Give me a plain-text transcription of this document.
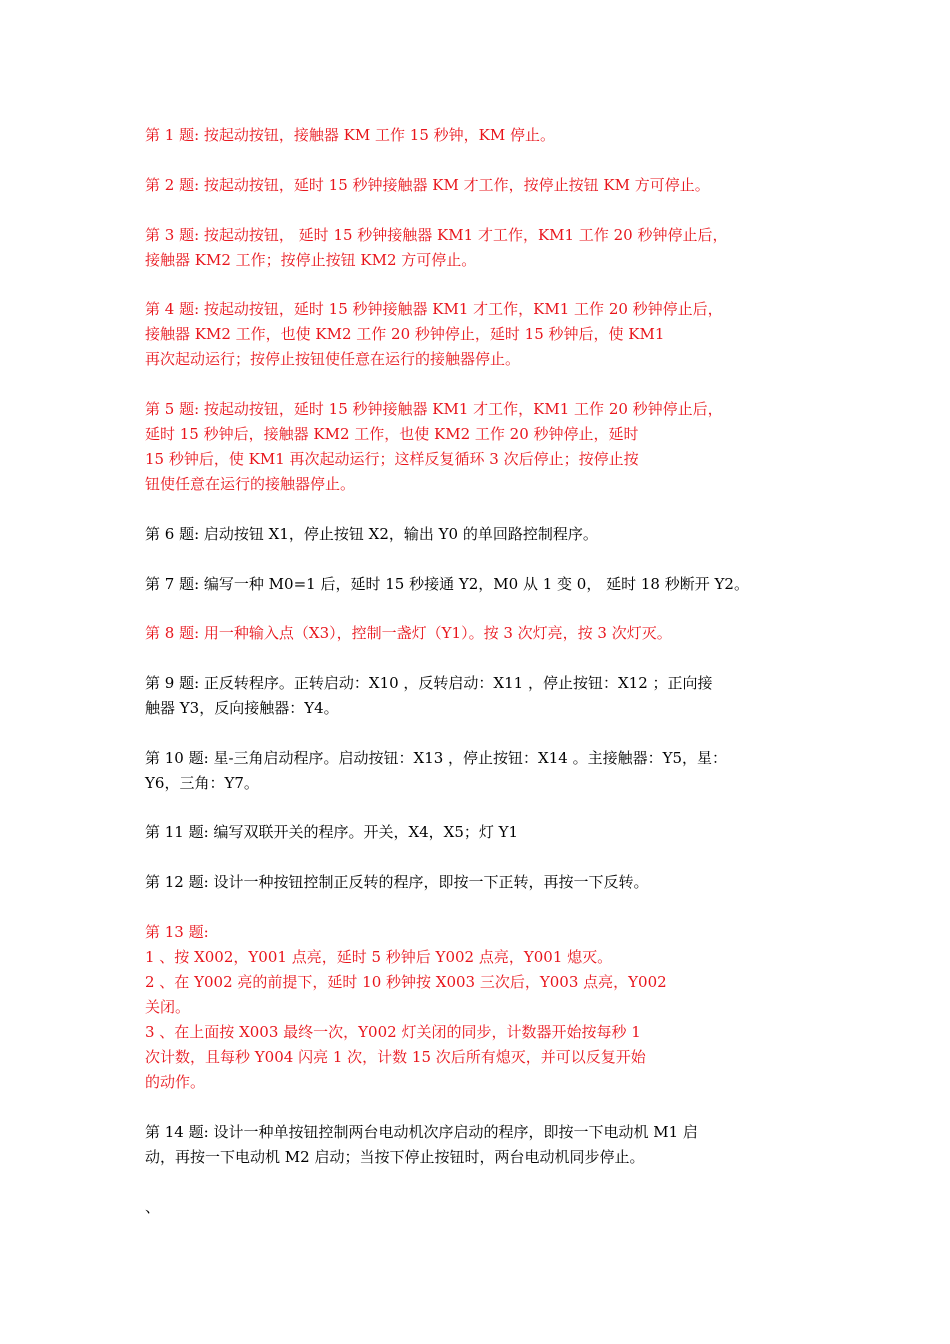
第 1 题: 按起动按钮，接触器 KM 工作 15 秒钟，KM 停止。
第 2 题: 按起动按钮，延时 15 秒钟接触器 KM 才工作，按停止按钮 KM 方可停止。
第 3 题: 按起动按钮， 延时 15 秒钟接触器 KM1 才工作，KM1 工作 20 秒钟停止后，
接触器 KM2 工作；按停止按钮 KM2 方可停止。
第 4 题: 按起动按钮，延时 15 秒钟接触器 KM1 才工作，KM1 工作 20 秒钟停止后，
接触器 KM2 工作，也使 KM2 工作 20 秒钟停止，延时 15 秒钟后，使 KM1
再次起动运行；按停止按钮使任意在运行的接触器停止。
第 5 题: 按起动按钮，延时 15 秒钟接触器 KM1 才工作，KM1 工作 20 秒钟停止后，
延时 15 秒钟后，接触器 KM2 工作，也使 KM2 工作 20 秒钟停止，延时
15 秒钟后，使 KM1 再次起动运行；这样反复循环 3 次后停止；按停止按
钮使任意在运行的接触器停止。
第 6 题: 启动按钮 X1，停止按钮 X2，输出 Y0 的单回路控制程序。
第 7 题: 编写一种 M0=1 后，延时 15 秒接通 Y2，M0 从 1 变 0， 延时 18 秒断开 Y2。
第 8 题: 用一种输入点（X3），控制一盏灯（Y1）。按 3 次灯亮，按 3 次灯灭。
第 9 题: 正反转程序。正转启动：X10 ，反转启动：X11 ，停止按钮：X12 ；正向接
触器 Y3，反向接触器：Y4。
第 10 题: 星-三角启动程序。启动按钮：X13 ，停止按钮：X14 。主接触器：Y5，星：
Y6，三角：Y7。
第 11 题: 编写双联开关的程序。开关，X4，X5；灯 Y1
第 12 题: 设计一种按钮控制正反转的程序，即按一下正转，再按一下反转。
第 13 题:
1 、按 X002，Y001 点亮，延时 5 秒钟后 Y002 点亮，Y001 熄灭。
2 、在 Y002 亮的前提下，延时 10 秒钟按 X003 三次后，Y003 点亮，Y002
关闭。
3 、在上面按 X003 最终一次，Y002 灯关闭的同步，计数器开始按每秒 1
次计数，且每秒 Y004 闪亮 1 次，计数 15 次后所有熄灭，并可以反复开始
的动作。
第 14 题: 设计一种单按钮控制两台电动机次序启动的程序，即按一下电动机 M1 启
动，再按一下电动机 M2 启动；当按下停止按钮时，两台电动机同步停止。
、
